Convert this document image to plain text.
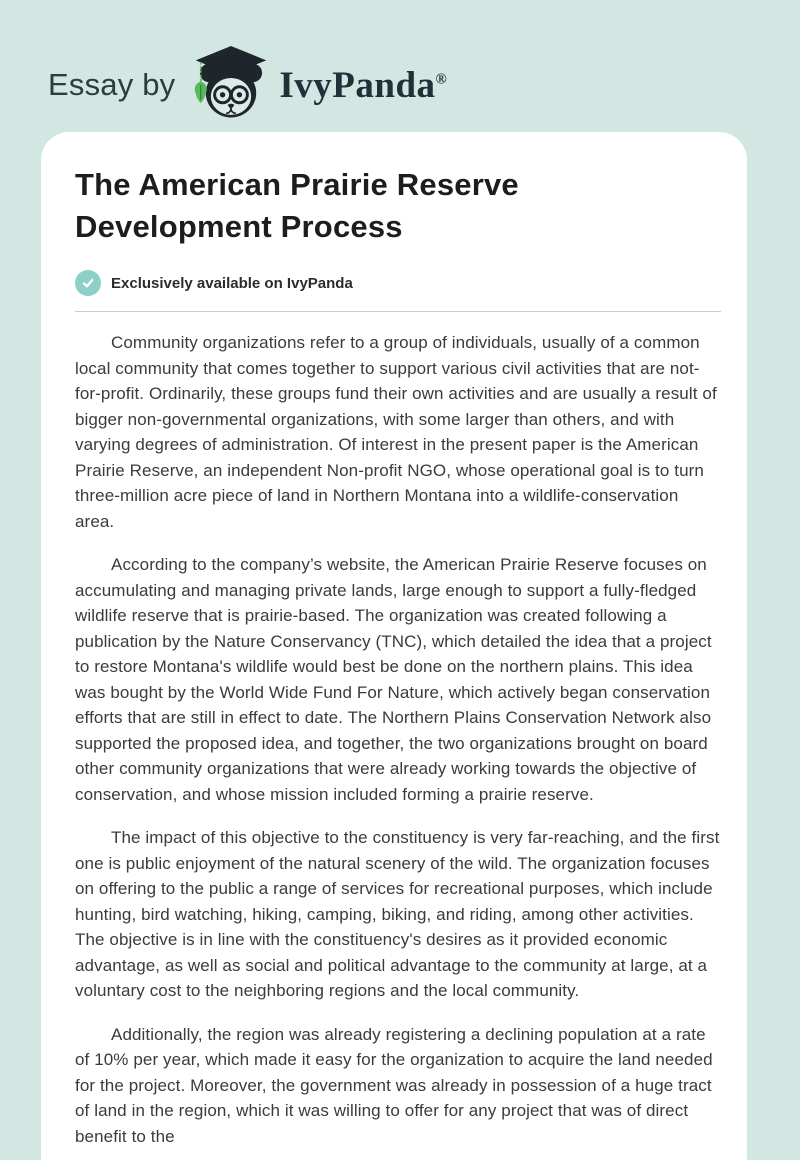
Essay by	IvyPanda®
The American Prairie Reserve Development Process
Exclusively available on IvyPanda

Community organizations refer to a group of individuals, usually of a common local community that comes together to support various civil activities that are not-for-profit. Ordinarily, these groups fund their own activities and are usually a result of bigger non-governmental organizations, with some larger than others, and with varying degrees of administration. Of interest in the present paper is the American Prairie Reserve, an independent Non-profit NGO, whose operational goal is to turn three-million acre piece of land in Northern Montana into a wildlife-conservation area.

According to the company’s website, the American Prairie Reserve focuses on accumulating and managing private lands, large enough to support a fully-fledged wildlife reserve that is prairie-based. The organization was created following a publication by the Nature Conservancy (TNC), which detailed the idea that a project to restore Montana's wildlife would best be done on the northern plains. This idea was bought by the World Wide Fund For Nature, which actively began conservation efforts that are still in effect to date. The Northern Plains Conservation Network also supported the proposed idea, and together, the two organizations brought on board other community organizations that were already working towards the objective of conservation, and whose mission included forming a prairie reserve.

The impact of this objective to the constituency is very far-reaching, and the first one is public enjoyment of the natural scenery of the wild. The organization focuses on offering to the public a range of services for recreational purposes, which include hunting, bird watching, hiking, camping, biking, and riding, among other activities. The objective is in line with the constituency's desires as it provided economic advantage, as well as social and political advantage to the community at large, at a voluntary cost to the neighboring regions and the local community.

Additionally, the region was already registering a declining population at a rate of 10% per year, which made it easy for the organization to acquire the land needed for the project. Moreover, the government was already in possession of a huge tract of land in the region, which it was willing to offer for any project that was of direct benefit to the
